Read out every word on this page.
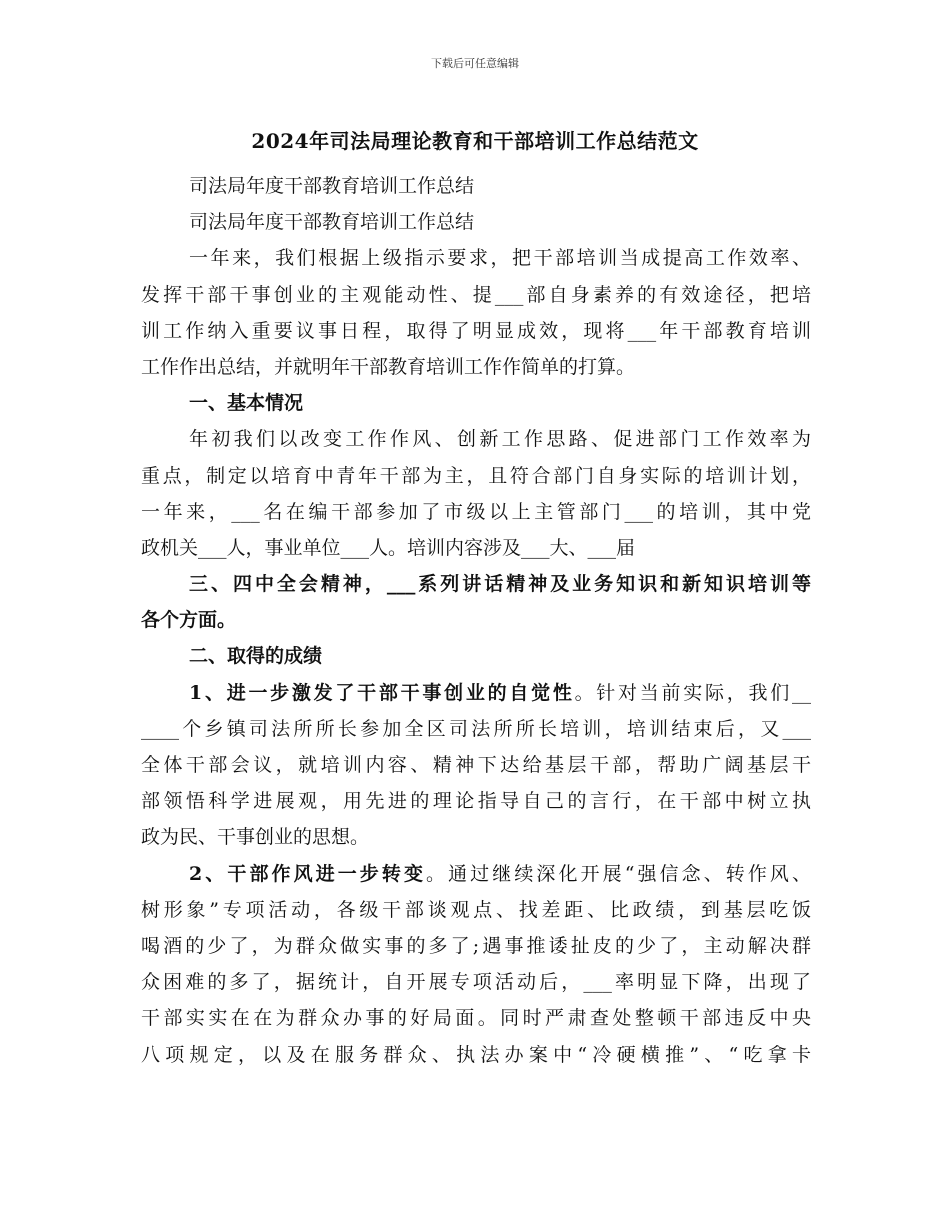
下载后可任意编辑
2024年司法局理论教育和干部培训工作总结范文
司法局年度干部教育培训工作总结
司法局年度干部教育培训工作总结
一年来，我们根据上级指示要求，把干部培训当成提高工作效率、
发挥干部干事创业的主观能动性、提___部自身素养的有效途径，把培
训工作纳入重要议事日程，取得了明显成效，现将___年干部教育培训
工作作出总结，并就明年干部教育培训工作作简单的打算。
一、基本情况
年初我们以改变工作作风、创新工作思路、促进部门工作效率为
重点，制定以培育中青年干部为主，且符合部门自身实际的培训计划，
一年来，___名在编干部参加了市级以上主管部门___的培训，其中党
政机关___人，事业单位___人。培训内容涉及___大、___届
三、四中全会精神，___系列讲话精神及业务知识和新知识培训等
各个方面。
二、取得的成绩
1、进一步激发了干部干事创业的自觉性。针对当前实际，我们__
____个乡镇司法所所长参加全区司法所所长培训，培训结束后，又___
全体干部会议，就培训内容、精神下达给基层干部，帮助广阔基层干
部领悟科学进展观，用先进的理论指导自己的言行，在干部中树立执
政为民、干事创业的思想。
2、干部作风进一步转变。通过继续深化开展“强信念、转作风、
树形象”专项活动，各级干部谈观点、找差距、比政绩，到基层吃饭
喝酒的少了，为群众做实事的多了;遇事推诿扯皮的少了，主动解决群
众困难的多了，据统计，自开展专项活动后，___率明显下降，出现了
干部实实在在为群众办事的好局面。同时严肃查处整顿干部违反中央
八项规定，以及在服务群众、执法办案中“冷硬横推”、“吃拿卡
